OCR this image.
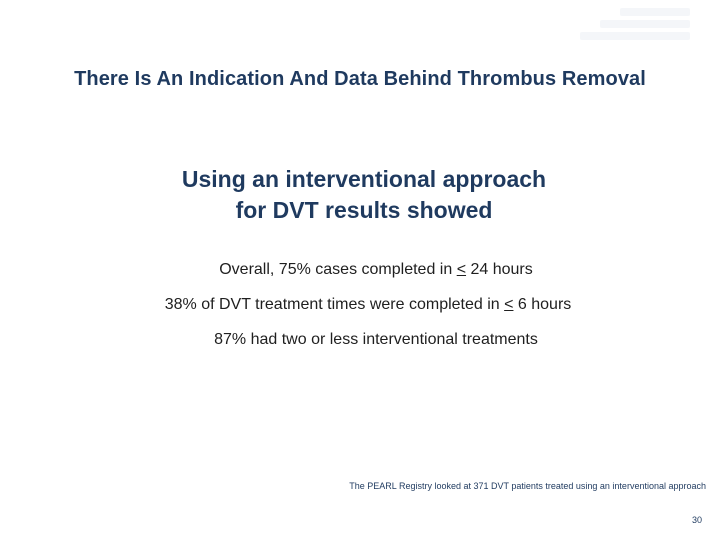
There Is An Indication And Data Behind Thrombus Removal
Using an interventional approach
for DVT results showed

Overall, 75% cases completed in ≤ 24 hours

38% of DVT treatment times were completed in ≤ 6 hours

87% had two or less interventional treatments

The PEARL Registry looked at 371 DVT patients treated using an interventional approach
30
